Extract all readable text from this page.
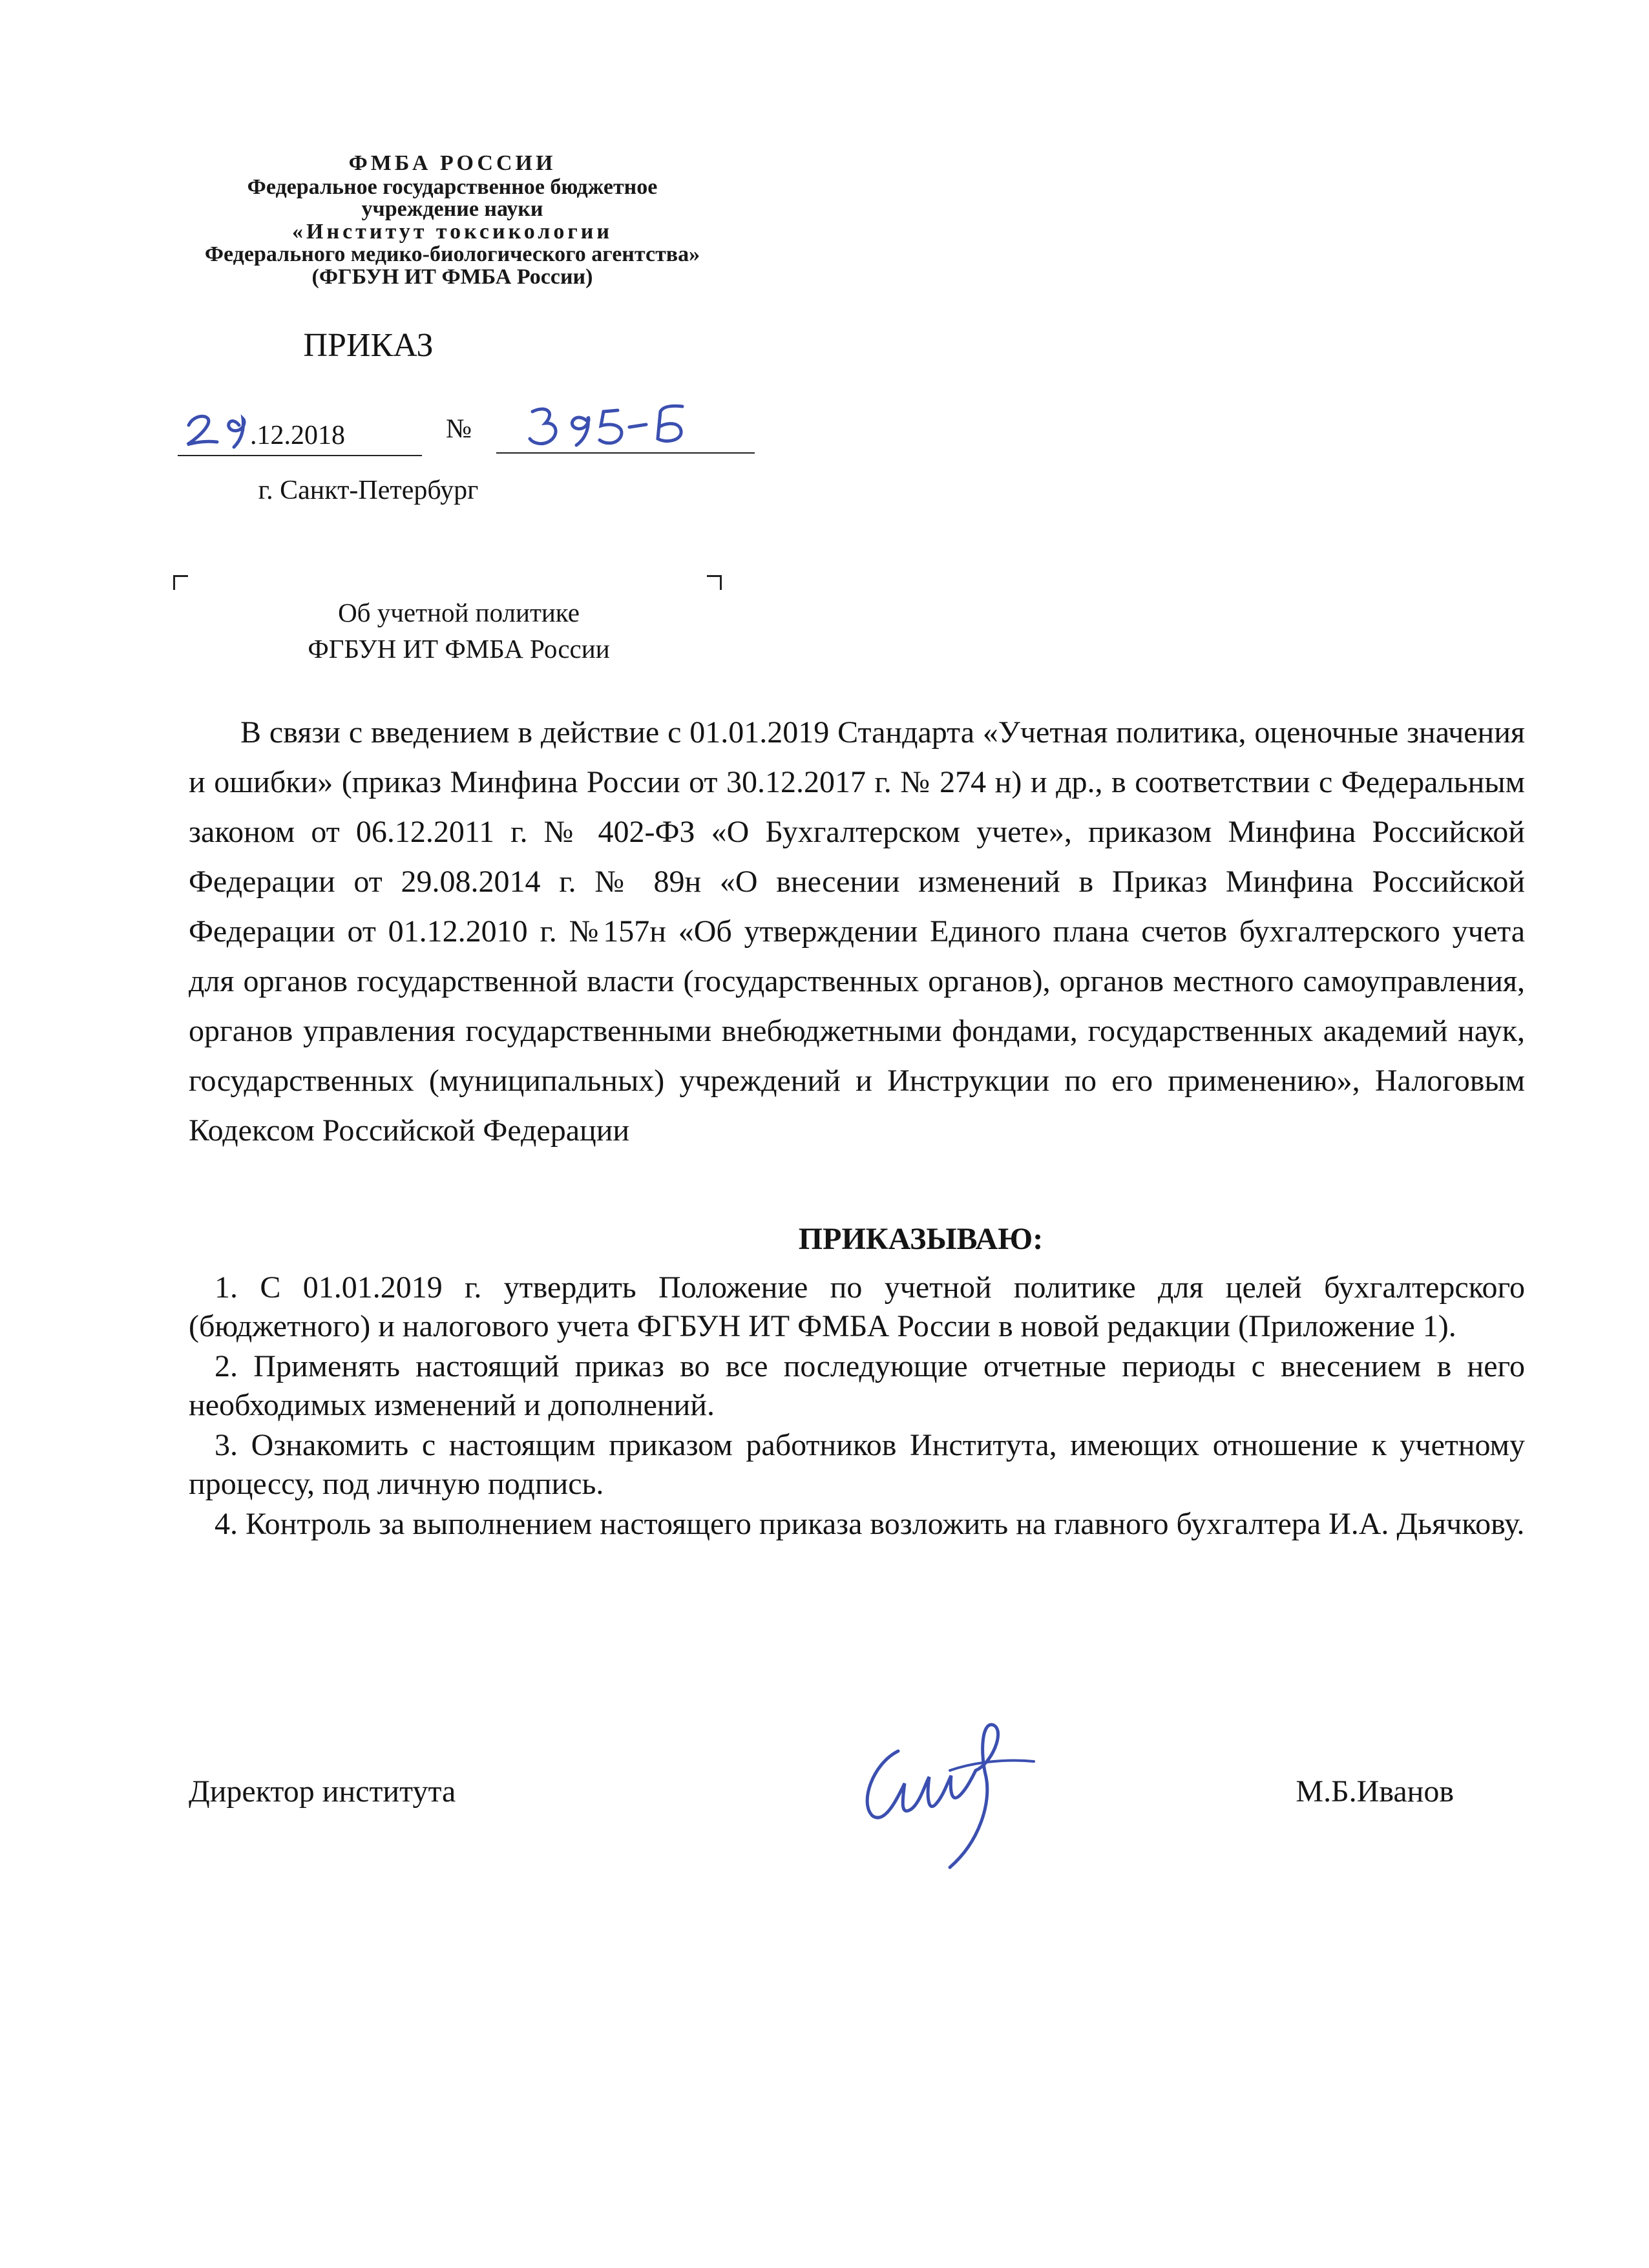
ФМБА РОССИИ
Федеральное государственное бюджетное
учреждение науки
«Институт токсикологии
Федерального медико-биологического агентства»
(ФГБУН ИТ ФМБА России)
ПРИКАЗ
.12.2018	№
г. Санкт-Петербург
Об учетной политике
ФГБУН ИТ ФМБА России
В связи с введением в действие с 01.01.2019 Стандарта «Учетная политика, оценочные значения и ошибки» (приказ Минфина России от 30.12.2017 г. № 274 н) и др., в соответствии с Федеральным законом от 06.12.2011 г. № 402-ФЗ «О Бухгалтерском учете», приказом Минфина Российской Федерации от 29.08.2014 г. № 89н «О внесении изменений в Приказ Минфина Российской Федерации от 01.12.2010 г. №157н «Об утверждении Единого плана счетов бухгалтерского учета для органов государственной власти (государственных органов), органов местного самоуправления, органов управления государственными внебюджетными фондами, государственных академий наук, государственных (муниципальных) учреждений и Инструкции по его применению», Налоговым Кодексом Российской Федерации
ПРИКАЗЫВАЮ:

1. С 01.01.2019 г. утвердить Положение по учетной политике для целей бухгалтерского (бюджетного) и налогового учета ФГБУН ИТ ФМБА России в новой редакции (Приложение 1).

2. Применять настоящий приказ во все последующие отчетные периоды с внесением в него необходимых изменений и дополнений.

3. Ознакомить с настоящим приказом работников Института, имеющих отношение к учетному процессу, под личную подпись.

4. Контроль за выполнением настоящего приказа возложить на главного бухгалтера И.А. Дьячкову.

Директор института	М.Б.Иванов
